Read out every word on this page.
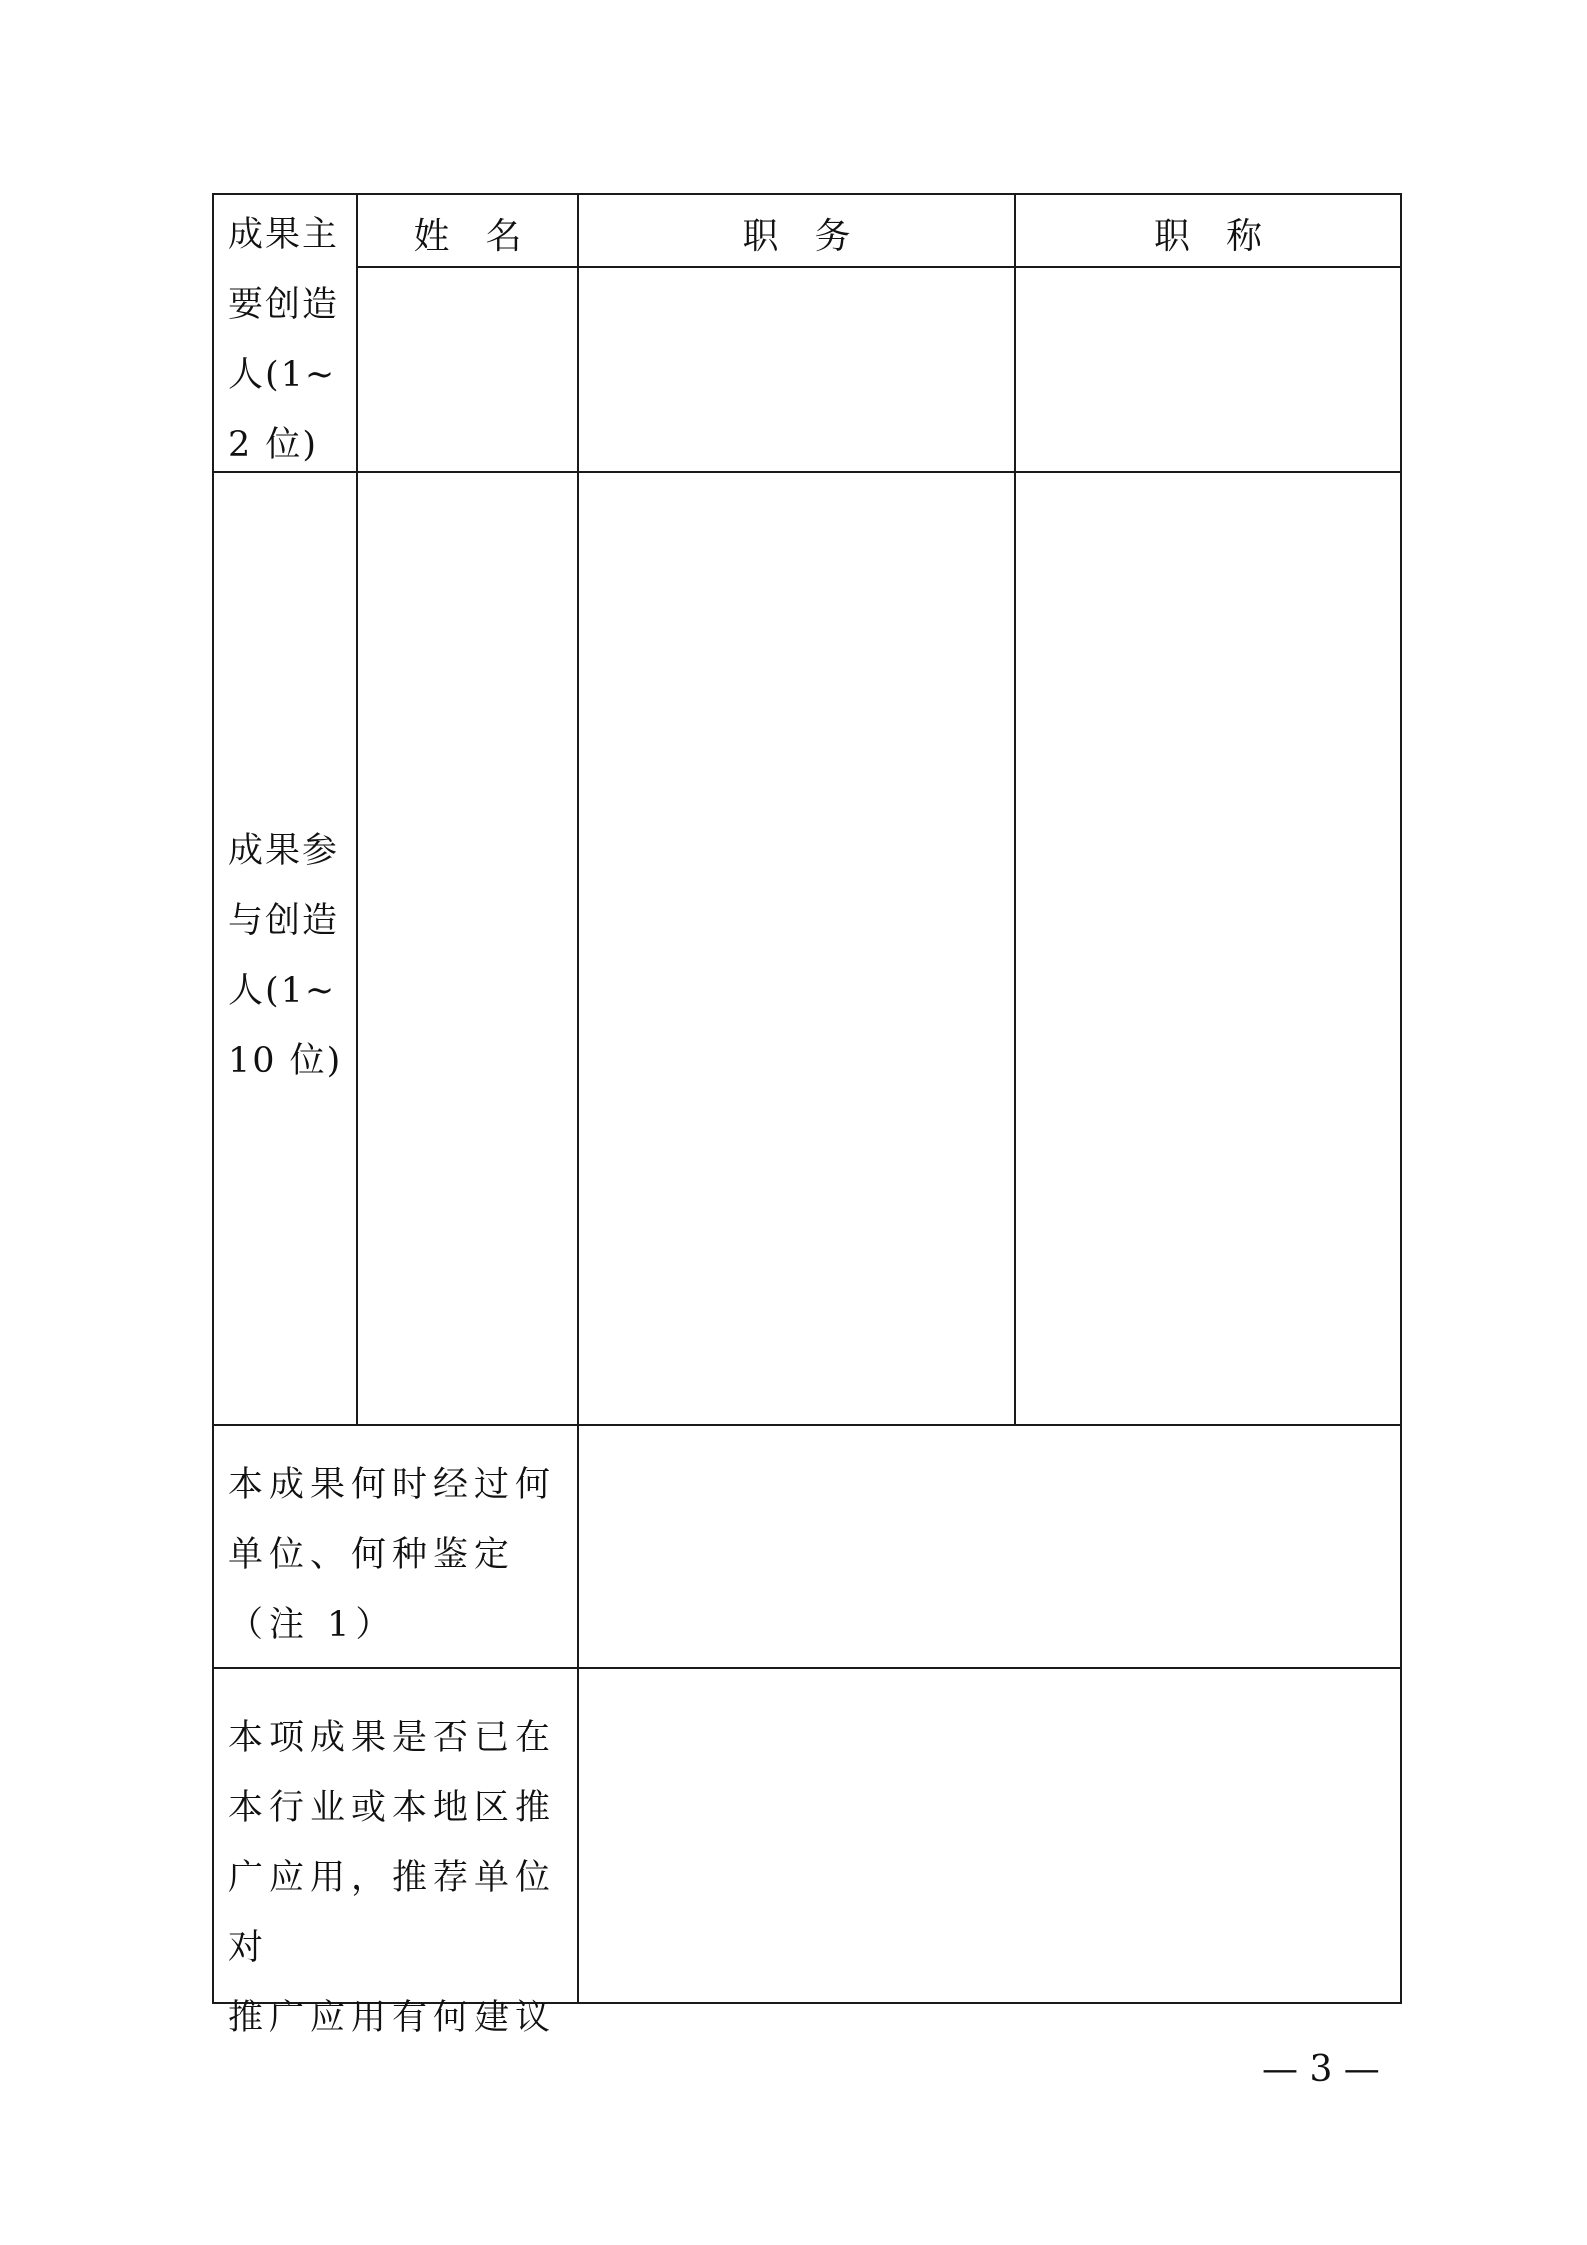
姓　名	职　务	职　称
成果主
要创造
人(1~
2 位)
成果参
与创造
人(1~
10 位)
本成果何时经过何
单位、何种鉴定
（注 1）
本项成果是否已在
本行业或本地区推
广应用，推荐单位对
推广应用有何建议
— 3 —
